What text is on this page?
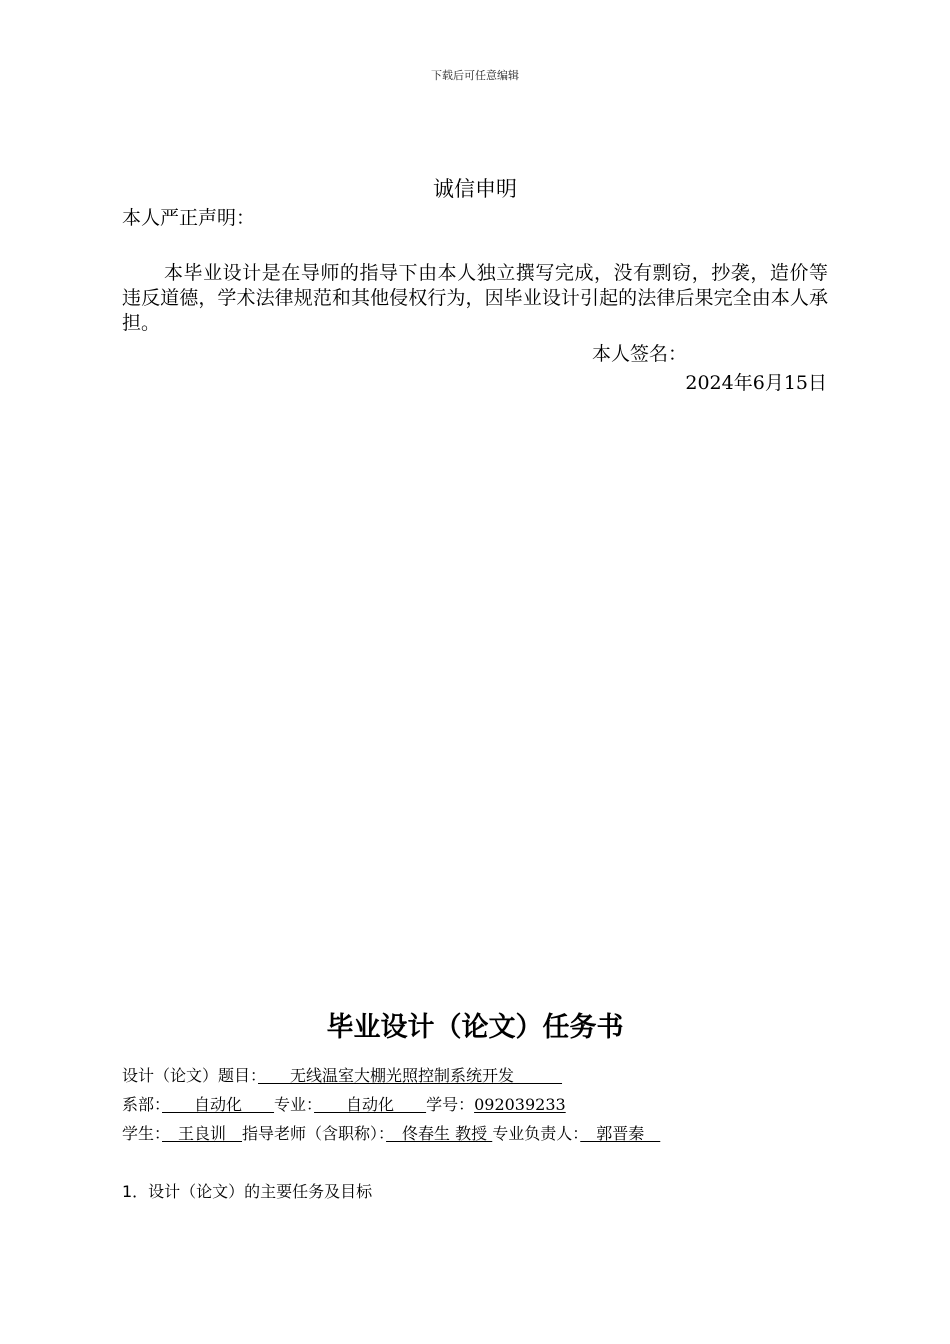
下载后可任意编辑
诚信申明
本人严正声明：
本毕业设计是在导师的指导下由本人独立撰写完成，没有剽窃，抄袭，造价等违反道德，学术法律规范和其他侵权行为，因毕业设计引起的法律后果完全由本人承担。
本人签名：
2024年6月15日
毕业设计（论文）任务书
设计（论文）题目：　　无线温室大棚光照控制系统开发　　　
系部：　　自动化　　专业：　　自动化　　学号：092039233
学生：　王良训　指导老师（含职称）：　佟春生 教授 专业负责人：　郭晋秦　
1．设计（论文）的主要任务及目标
